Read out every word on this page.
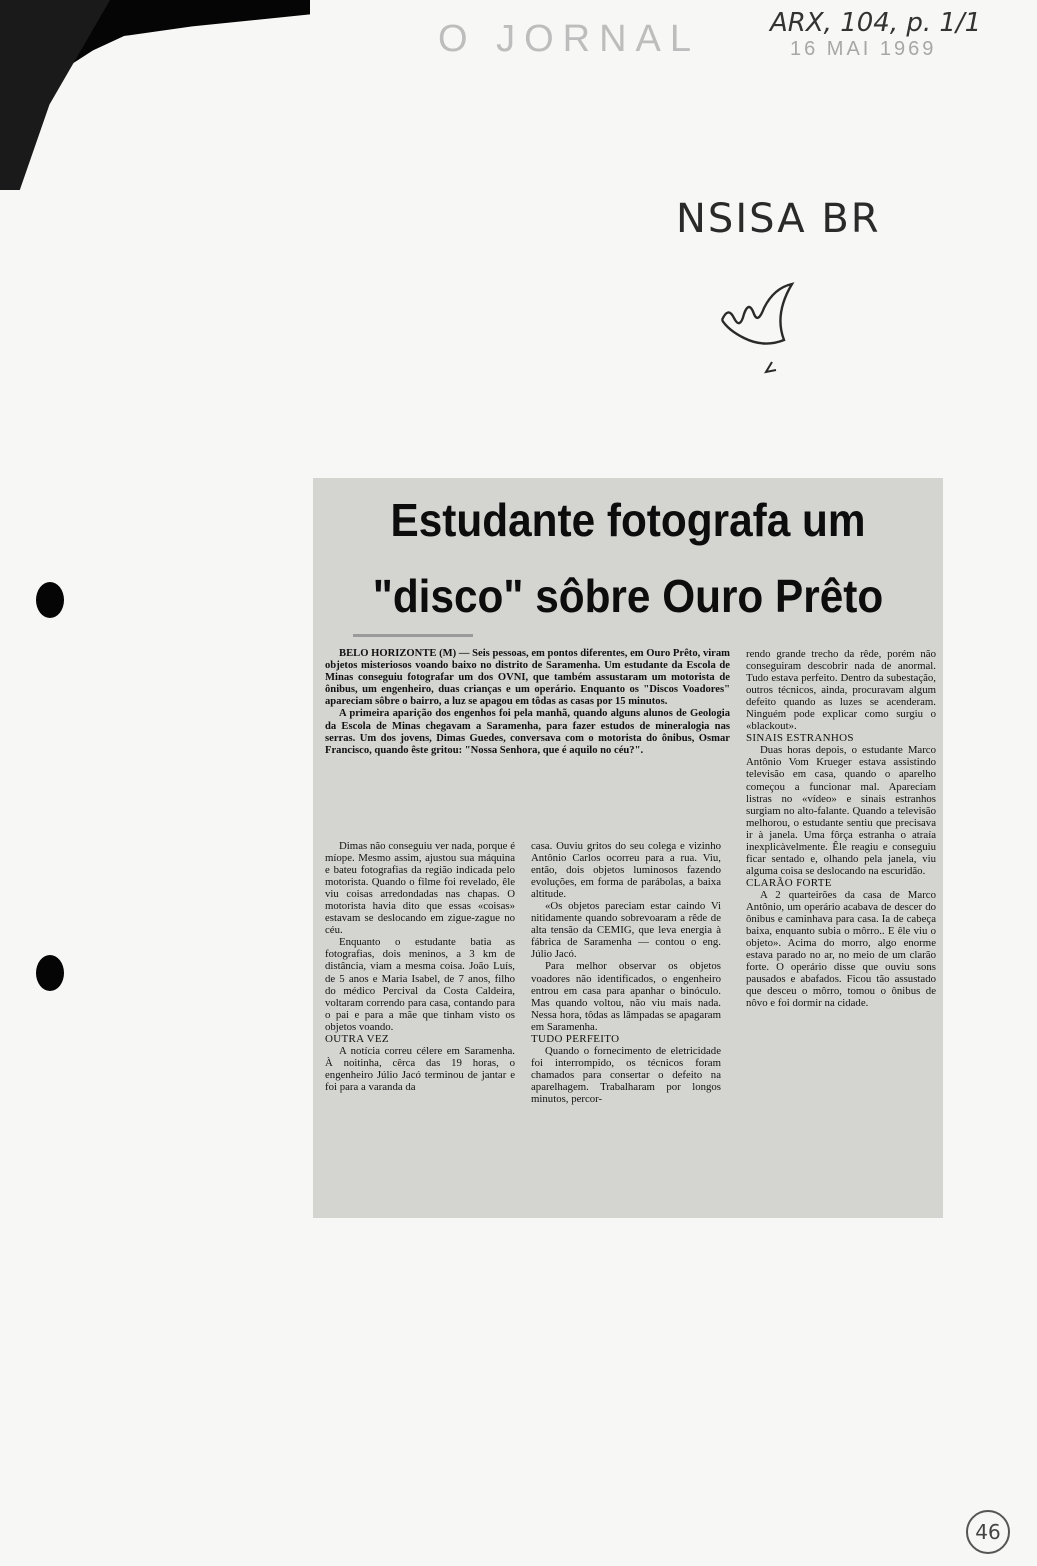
O JORNAL	ARX, 104, p. 1/1
16 MAI 1969
NSISA BR
Estudante fotografa um
"disco" sôbre Ouro Prêto

BELO HORIZONTE (M) — Seis pessoas, em pontos diferentes, em Ouro Prêto, viram objetos misteriosos voando baixo no distrito de Saramenha. Um estudante da Escola de Minas conseguiu fotografar um dos OVNI, que também assustaram um motorista de ônibus, um engenheiro, duas crianças e um operário. Enquanto os "Discos Voadores" apareciam sôbre o bairro, a luz se apagou em tôdas as casas por 15 minutos.

A primeira aparição dos engenhos foi pela manhã, quando alguns alunos de Geologia da Escola de Minas chegavam a Saramenha, para fazer estudos de mineralogia nas serras. Um dos jovens, Dimas Guedes, conversava com o motorista do ônibus, Osmar Francisco, quando êste gritou: "Nossa Senhora, que é aquilo no céu?".

Dimas não conseguiu ver nada, porque é míope. Mesmo assim, ajustou sua máquina e bateu fotografias da região indicada pelo motorista. Quando o filme foi revelado, êle viu coisas arredondadas nas chapas. O motorista havia dito que essas «coisas» estavam se deslocando em zigue-zague no céu.

Enquanto o estudante batia as fotografias, dois meninos, a 3 km de distância, viam a mesma coisa. João Luís, de 5 anos e Maria Isabel, de 7 anos, filho do médico Percival da Costa Caldeira, voltaram correndo para casa, contando para o pai e para a mãe que tinham visto os objetos voando.

OUTRA VEZ

A notícia correu célere em Saramenha. À noitinha, cêrca das 19 horas, o engenheiro Júlio Jacó terminou de jantar e foi para a varanda da

casa. Ouviu gritos do seu colega e vizinho Antônio Carlos ocorreu para a rua. Viu, então, dois objetos luminosos fazendo evoluções, em forma de parábolas, a baixa altitude.

«Os objetos pareciam estar caindo Vi nitidamente quando sobrevoaram a rêde de alta tensão da CEMIG, que leva energia à fábrica de Saramenha — contou o eng. Júlio Jacó.

Para melhor observar os objetos voadores não identificados, o engenheiro entrou em casa para apanhar o binóculo. Mas quando voltou, não viu mais nada. Nessa hora, tôdas as lâmpadas se apagaram em Saramenha.

TUDO PERFEITO

Quando o fornecimento de eletricidade foi interrompido, os técnicos foram chamados para consertar o defeito na aparelhagem. Trabalharam por longos minutos, percor-

rendo grande trecho da rêde, porém não conseguiram descobrir nada de anormal. Tudo estava perfeito. Dentro da subestação, outros técnicos, ainda, procuravam algum defeito quando as luzes se acenderam. Ninguém pode explicar como surgiu o «blackout».

SINAIS ESTRANHOS

Duas horas depois, o estudante Marco Antônio Vom Krueger estava assistindo televisão em casa, quando o aparelho começou a funcionar mal. Apareciam listras no «vídeo» e sinais estranhos surgiam no alto-falante. Quando a televisão melhorou, o estudante sentiu que precisava ir à janela. Uma fôrça estranha o atraía inexplicàvelmente. Êle reagiu e conseguiu ficar sentado e, olhando pela janela, viu alguma coisa se deslocando na escuridão.

CLARÃO FORTE

A 2 quarteirões da casa de Marco Antônio, um operário acabava de descer do ônibus e caminhava para casa. Ia de cabeça baixa, enquanto subia o môrro.. E êle viu o objeto». Acima do morro, algo enorme estava parado no ar, no meio de um clarão forte. O operário disse que ouviu sons pausados e abafados. Ficou tão assustado que desceu o môrro, tomou o ônibus de nôvo e foi dormir na cidade.

46
